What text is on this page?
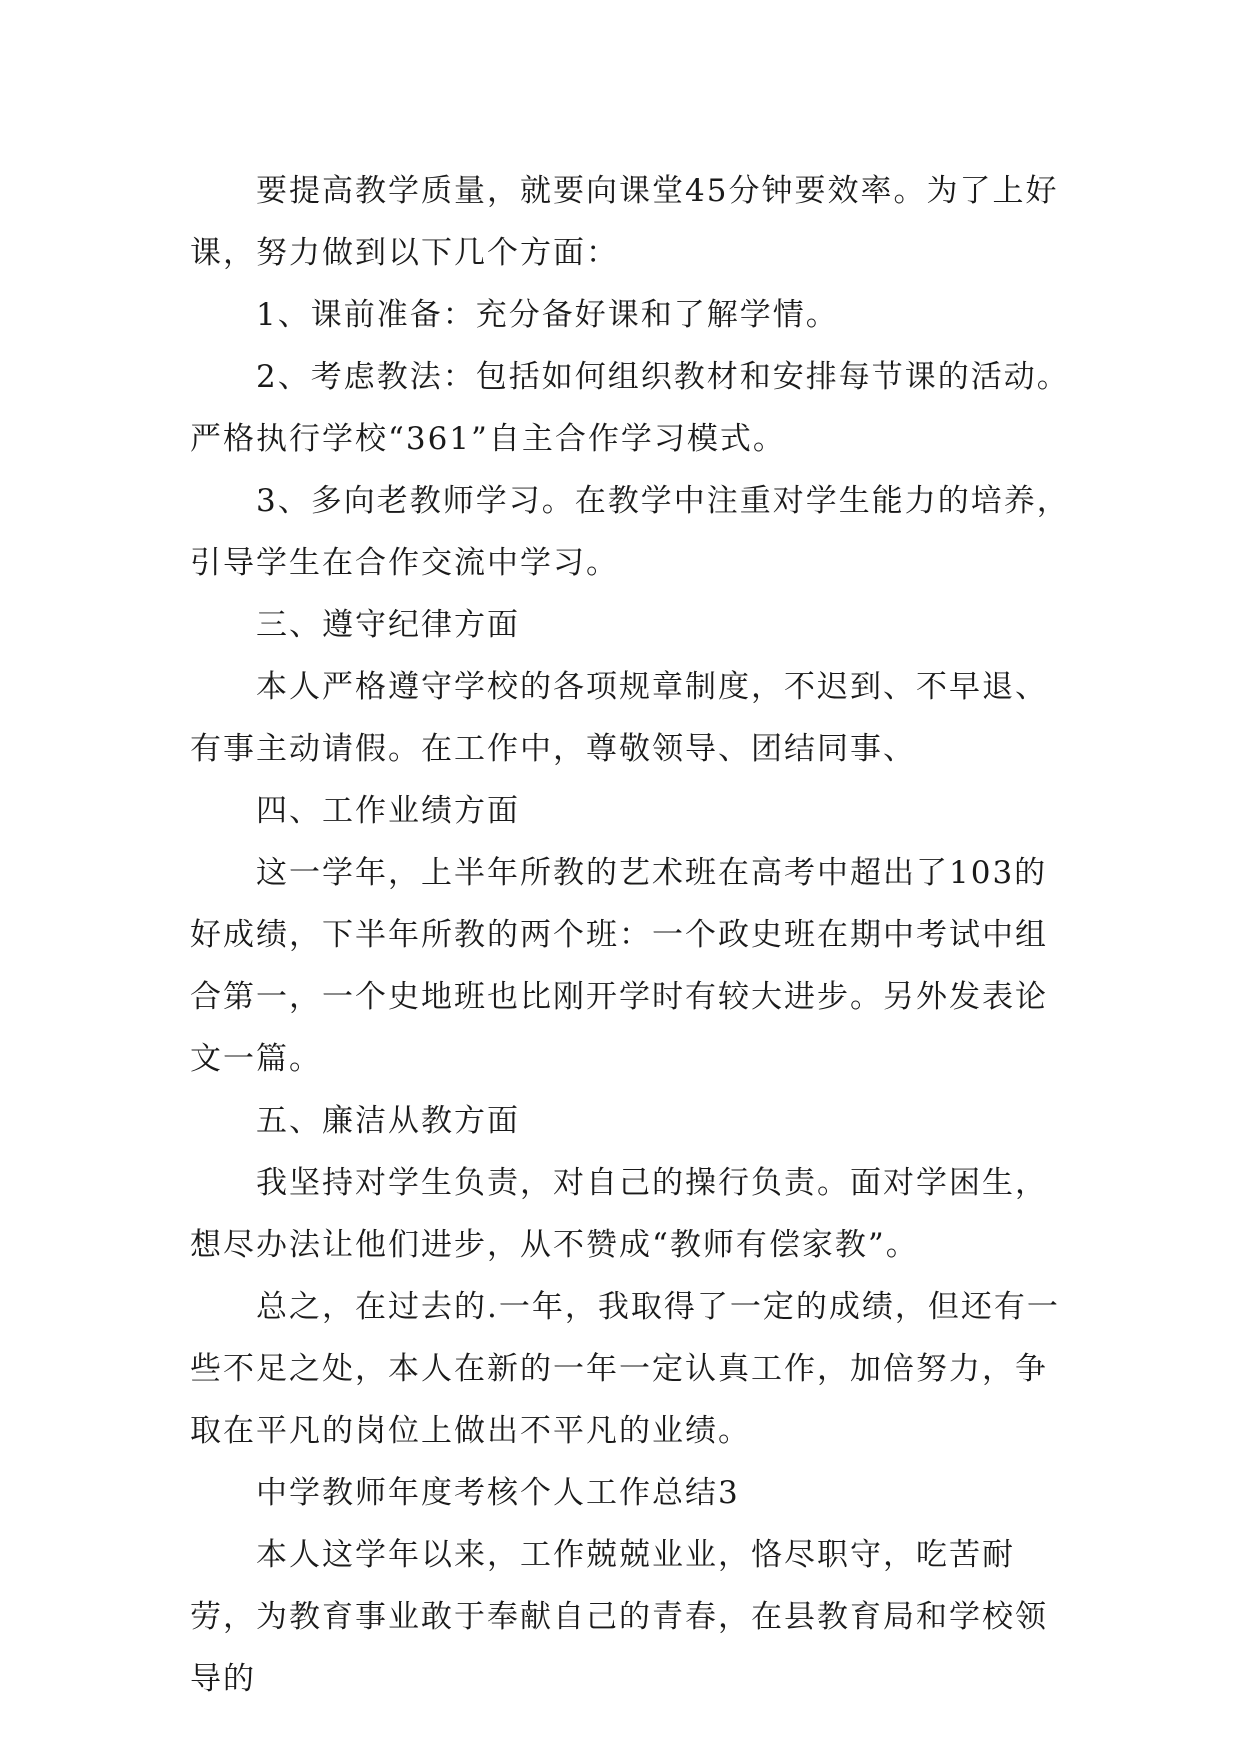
要提高教学质量，就要向课堂45分钟要效率。为了上好课，努力做到以下几个方面：

1、课前准备：充分备好课和了解学情。

2、考虑教法：包括如何组织教材和安排每节课的活动。严格执行学校“361”自主合作学习模式。

3、多向老教师学习。在教学中注重对学生能力的培养，引导学生在合作交流中学习。

三、遵守纪律方面

本人严格遵守学校的各项规章制度，不迟到、不早退、有事主动请假。在工作中，尊敬领导、团结同事、

四、工作业绩方面

这一学年，上半年所教的艺术班在高考中超出了103的好成绩，下半年所教的两个班：一个政史班在期中考试中组合第一，一个史地班也比刚开学时有较大进步。另外发表论文一篇。

五、廉洁从教方面

我坚持对学生负责，对自己的操行负责。面对学困生，想尽办法让他们进步，从不赞成“教师有偿家教”。

总之，在过去的.一年，我取得了一定的成绩，但还有一些不足之处，本人在新的一年一定认真工作，加倍努力，争取在平凡的岗位上做出不平凡的业绩。

中学教师年度考核个人工作总结3

本人这学年以来，工作兢兢业业，恪尽职守，吃苦耐劳，为教育事业敢于奉献自己的青春，在县教育局和学校领导的
